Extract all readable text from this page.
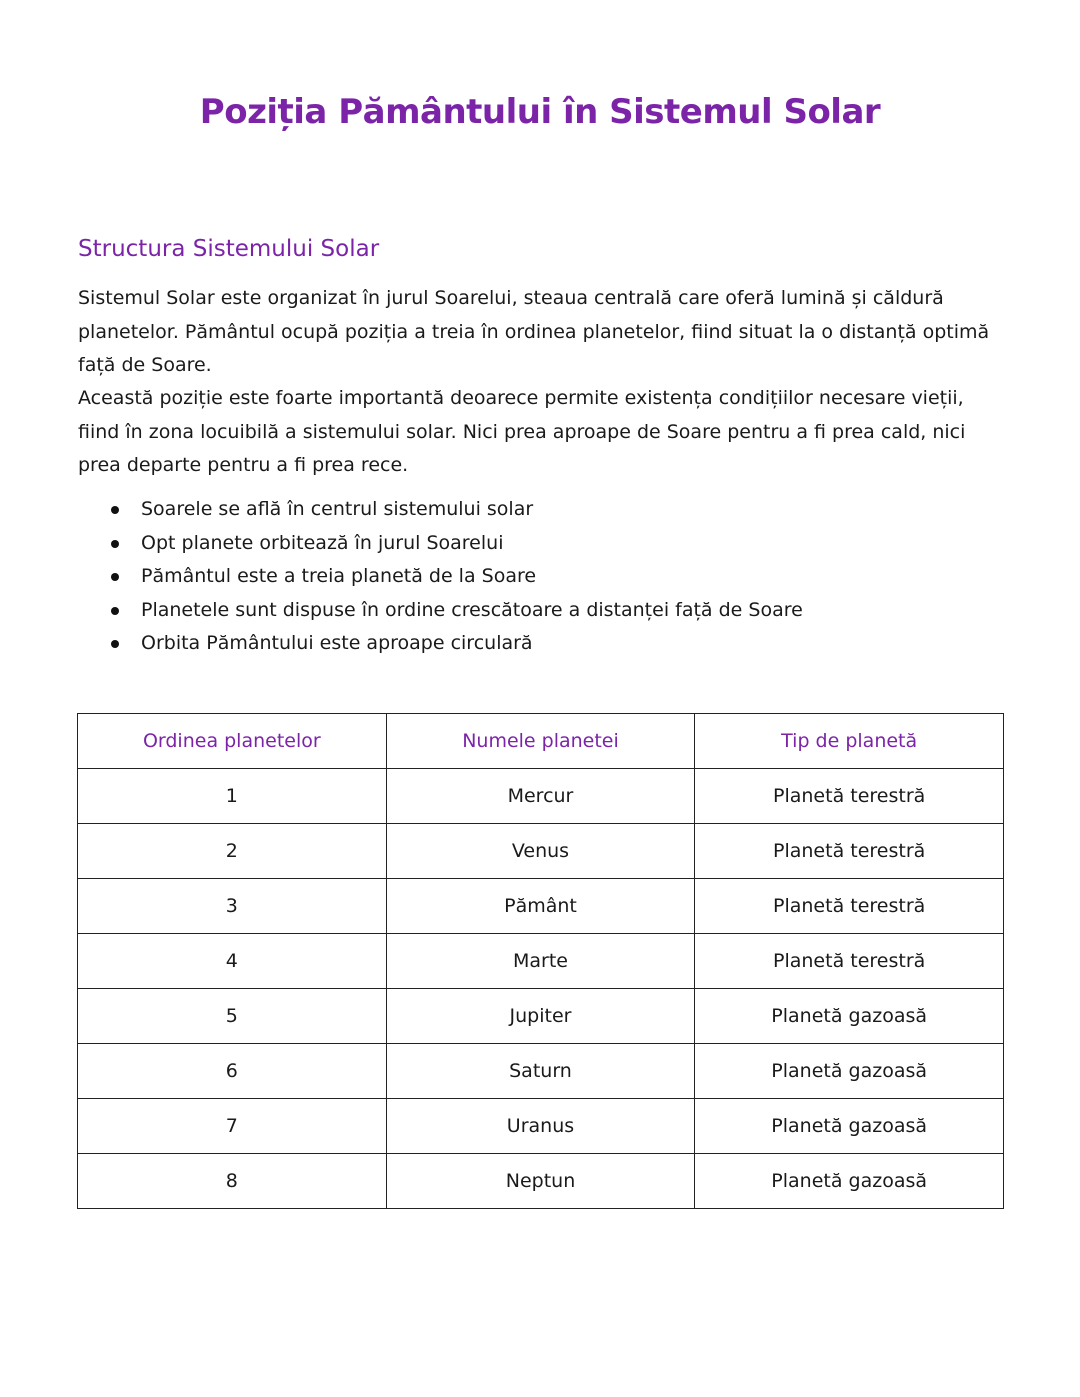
Poziția Pământului în Sistemul Solar
Structura Sistemului Solar

Sistemul Solar este organizat în jurul Soarelui, steaua centrală care oferă lumină și căldură planetelor. Pământul ocupă poziția a treia în ordinea planetelor, fiind situat la o distanță optimă față de Soare.

Această poziție este foarte importantă deoarece permite existența condițiilor necesare vieții, fiind în zona locuibilă a sistemului solar. Nici prea aproape de Soare pentru a fi prea cald, nici prea departe pentru a fi prea rece.

Soarele se află în centrul sistemului solar
Opt planete orbitează în jurul Soarelui
Pământul este a treia planetă de la Soare
Planetele sunt dispuse în ordine crescătoare a distanței față de Soare
Orbita Pământului este aproape circulară
Ordinea planetelor	Numele planetei	Tip de planetă
1	Mercur	Planetă terestră
2	Venus	Planetă terestră
3	Pământ	Planetă terestră
4	Marte	Planetă terestră
5	Jupiter	Planetă gazoasă
6	Saturn	Planetă gazoasă
7	Uranus	Planetă gazoasă
8	Neptun	Planetă gazoasă
